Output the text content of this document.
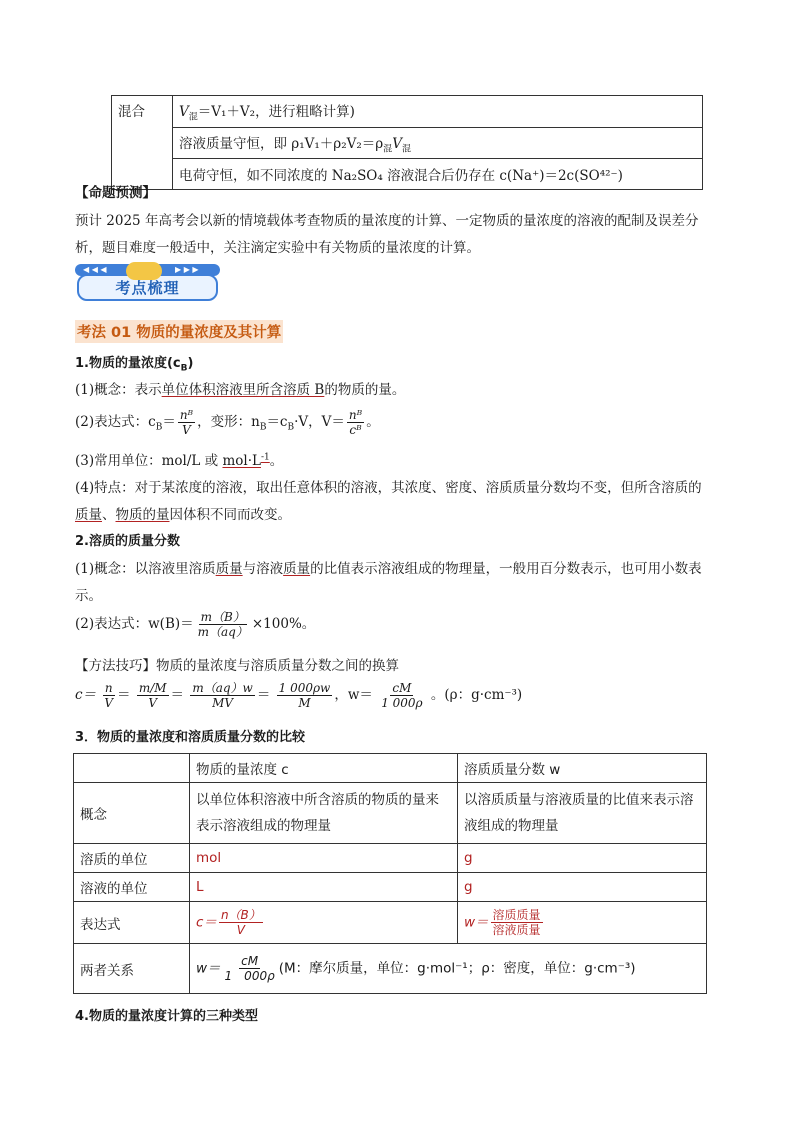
混合	$V_混=V_1+V_2$，进行粗略计算)
溶液质量守恒，即 $\rho_1V_1+\rho_2V_2=\rho_混V_混$
电荷守恒，如不同浓度的 Na₂SO₄ 溶液混合后仍存在 c(Na⁺)＝2c(SO⁴²⁻)
【命题预测】
预计 2025 年高考会以新的情境载体考查物质的量浓度的计算、一定物质的量浓度的溶液的配制及误差分
析，题目难度一般适中，关注滴定实验中有关物质的量浓度的计算。
◀ ◀ ◀	▶ ▶ ▶
考点梳理
考法 01 物质的量浓度及其计算
1.物质的量浓度$(c_B)$
(1)概念：表示单位体积溶液里所含溶质 B的物质的量。
(2)表达式：$c_B= \frac{\text{nᴮ}}{V}$ ，变形：$n_B=c_B\cdot V$，$V= \frac{\text{nᴮ}}{\text{cᴮ}}$ 。
(3)常用单位：mol/L 或 $mol\cdot L^{-1}$。
(4)特点：对于某浓度的溶液，取出任意体积的溶液，其浓度、密度、溶质质量分数均不变，但所含溶质的
质量、物质的量因体积不同而改变。
2.溶质的质量分数
(1)概念：以溶液里溶质质量与溶液质量的比值表示溶液组成的物理量，一般用百分数表示，也可用小数表
示。
(2)表达式：$w(B)= \frac{m(B)}{m(aq)} \times 100\%$。
【方法技巧】物质的量浓度与溶质质量分数之间的换算
$c= \frac{n}{V} = \frac{m/M}{V} = \frac{m(aq)w}{MV} = \frac{1 000\rho w}{M}$ ，$w= \frac{cM}{1 000\rho}$ 。(ρ：g·cm⁻³)
3．物质的量浓度和溶质质量分数的比较
	物质的量浓度 c	溶质质量分数 w
概念	以单位体积溶液中所含溶质的物质的量来表示溶液组成的物理量	以溶质质量与溶液质量的比值来表示溶液组成的物理量
溶质的单位	mol	g
溶液的单位	L	g
表达式	$c= \frac{n(B)}{V}$	$w= \frac{\text{溶质质量}}{\text{溶液质量}}$

两者关系	$w= \frac{cM}{1 000\rho} (M$：摩尔质量，单位：g·mol⁻¹；ρ：密度，单位：g·cm⁻³)	
4.物质的量浓度计算的三种类型
